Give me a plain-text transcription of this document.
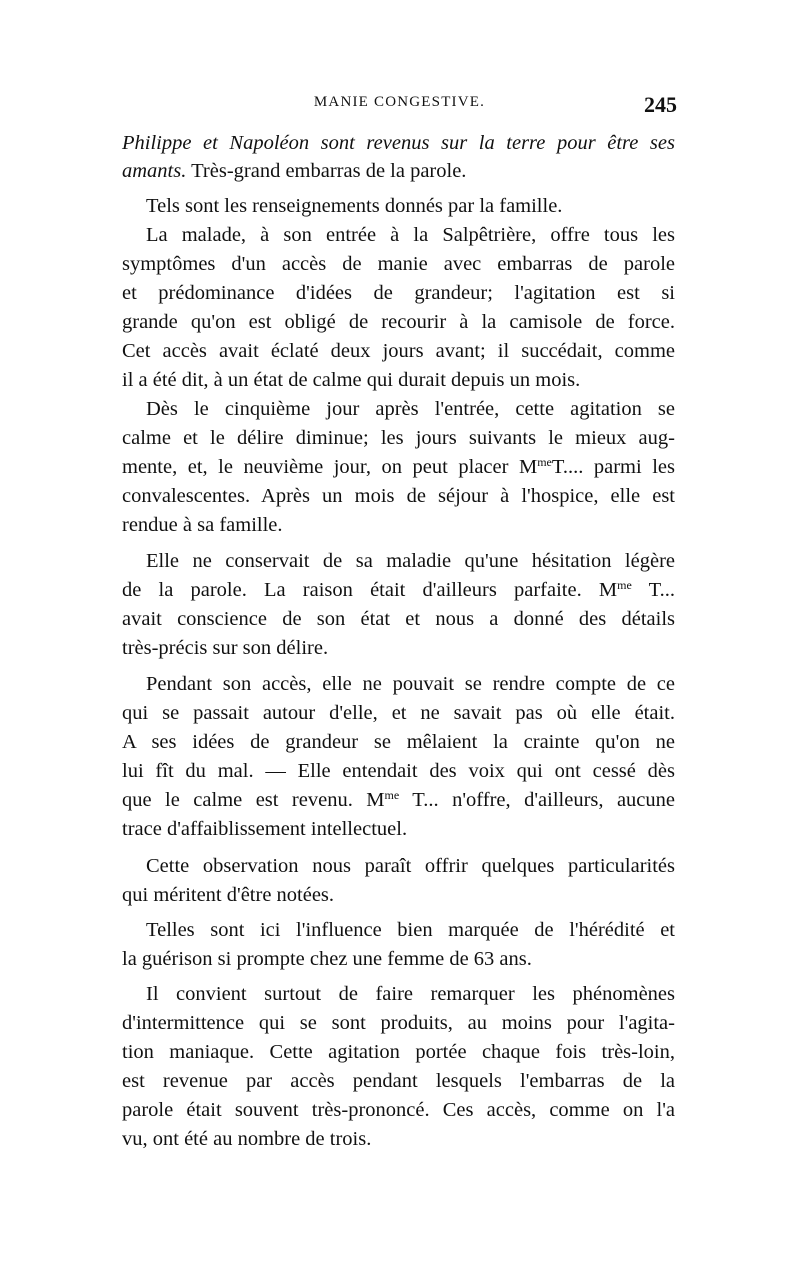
MANIE CONGESTIVE.	245
Philippe et Napoléon sont revenus sur la terre pour être ses
amants. Très-grand embarras de la parole.
Tels sont les renseignements donnés par la famille.
La malade, à son entrée à la Salpêtrière, offre tous les
symptômes d'un accès de manie avec embarras de parole
et prédominance d'idées de grandeur; l'agitation est si
grande qu'on est obligé de recourir à la camisole de force.
Cet accès avait éclaté deux jours avant; il succédait, comme
il a été dit, à un état de calme qui durait depuis un mois.
Dès le cinquième jour après l'entrée, cette agitation se
calme et le délire diminue; les jours suivants le mieux aug-
mente, et, le neuvième jour, on peut placer $M^{me}T$.... parmi les
convalescentes. Après un mois de séjour à l'hospice, elle est
rendue à sa famille.
Elle ne conservait de sa maladie qu'une hésitation légère
de la parole. La raison était d'ailleurs parfaite. $M^{me}$ T...
avait conscience de son état et nous a donné des détails
très-précis sur son délire.
Pendant son accès, elle ne pouvait se rendre compte de ce
qui se passait autour d'elle, et ne savait pas où elle était.
A ses idées de grandeur se mêlaient la crainte qu'on ne
lui fît du mal. — Elle entendait des voix qui ont cessé dès
que le calme est revenu. $M^{me}$ T... n'offre, d'ailleurs, aucune
trace d'affaiblissement intellectuel.
Cette observation nous paraît offrir quelques particularités
qui méritent d'être notées.
Telles sont ici l'influence bien marquée de l'hérédité et
la guérison si prompte chez une femme de 63 ans.
Il convient surtout de faire remarquer les phénomènes
d'intermittence qui se sont produits, au moins pour l'agita-
tion maniaque. Cette agitation portée chaque fois très-loin,
est revenue par accès pendant lesquels l'embarras de la
parole était souvent très-prononcé. Ces accès, comme on l'a
vu, ont été au nombre de trois.
